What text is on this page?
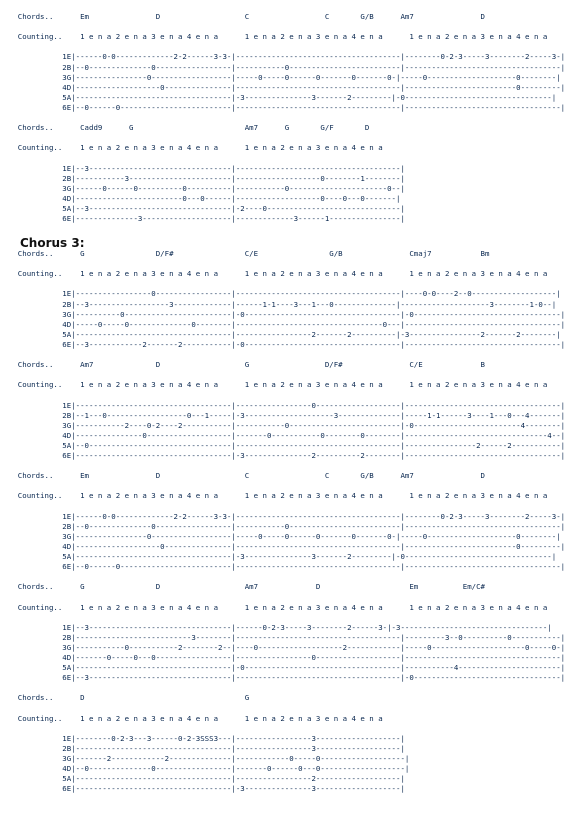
Chords..      Em               D                   C                 C       G/B      Am7               D
Counting..    1 e n a 2 e n a 3 e n a 4 e n a      1 e n a 2 e n a 3 e n a 4 e n a      1 e n a 2 e n a 3 e n a 4 e n a
1E|------0-0-------------2-2------3-3-|-------------------------------------|--------0-2-3-----3--------2-----3-|
2B|--0--------------0-----------------|-----------0-------------------------|-----------------------------------|
3G|----------------0------------------|-----0-----0------0-------0-------0-|-----0--------------------0--------|
4D|-------------------0---------------|-------------------------------------|-------------------------0---------|
5A|-----------------------------------|-3---------------3-------2---------|-0---------------------------------|
6E|--0------0-------------------------|-------------------------------------|-----------------------------------|
Chords..      Cadd9      G                         Am7      G       G/F       D
Counting..    1 e n a 2 e n a 3 e n a 4 e n a      1 e n a 2 e n a 3 e n a 4 e n a
1E|--3--------------------------------|-------------------------------------|
2B|-----------3-----------------------|-------------------0--------1--------|
3G|------0------0----------0----------|-----------0----------------------0--|
4D|------------------------0---0------|-------------------0----0---0-------|
5A|--3--------------------------------|-2----0------------------------------|
6E|--------------3--------------------|-------------3------1----------------|
Chords..      G                D/F#                C/E                G/B               Cmaj7           Bm
Counting..    1 e n a 2 e n a 3 e n a 4 e n a      1 e n a 2 e n a 3 e n a 4 e n a      1 e n a 2 e n a 3 e n a 4 e n a
1E|-----------------0-----------------|-------------------------------------|----0-0----2--0-------------------|
2B|--3------------------3-------------|------1-1----3---1---0--------------|--------------------3--------1-0--|
3G|----------0------------------------|-0-----------------------------------|-0---------------------------------|
4D|-----0-----0--------------0--------|---------------------------------0---|-----------------------------------|
5A|-----------------------------------|-----------------2-------2----------|-3----------------2-------2--------|
6E|--3------------2-------2-----------|-0-----------------------------------|-----------------------------------|
Chords..      Am7              D                   G                 D/F#               C/E             B
Counting..    1 e n a 2 e n a 3 e n a 4 e n a      1 e n a 2 e n a 3 e n a 4 e n a      1 e n a 2 e n a 3 e n a 4 e n a
1E|-----------------------------------|-----------------0-------------------|-----------------------------------|
2B|--1---0------------------0---1-----|-3--------------------3--------------|-----1-1------3----1---0---4-------|
3G|-----------2----0-2----2-----------|-----------0-------------------------|-0------------------------4--------|
4D|---------------0-------------------|-------0-----------0--------0--------|--------------------------------4--|
5A|--0--------------------------------|-------------------------------------|----------------2------2-----------|
6E|-----------------------------------|-3---------------2----------2--------|-----------------------------------|
Chords..      Em               D                   C                 C       G/B      Am7               D
Counting..    1 e n a 2 e n a 3 e n a 4 e n a      1 e n a 2 e n a 3 e n a 4 e n a      1 e n a 2 e n a 3 e n a 4 e n a
1E|------0-0-------------2-2------3-3-|-------------------------------------|--------0-2-3-----3--------2-----3-|
2B|--0--------------0-----------------|-----------0-------------------------|-----------------------------------|
3G|----------------0------------------|-----0-----0------0-------0-------0-|-----0--------------------0--------|
4D|-------------------0---------------|-------------------------------------|-------------------------0---------|
5A|-----------------------------------|-3---------------3-------2---------|-0---------------------------------|
6E|--0------0-------------------------|-------------------------------------|-----------------------------------|
Chords..      G                D                   Am7             D                    Em          Em/C#
Counting..    1 e n a 2 e n a 3 e n a 4 e n a      1 e n a 2 e n a 3 e n a 4 e n a      1 e n a 2 e n a 3 e n a 4 e n a
1E|--3--------------------------------|------0-2-3-----3--------2------3-|-3---------------------------------|
2B|--------------------------3--------|-------------------------------------|---------3--0----------0-----------|
3G|-----------0-----------2--------2--|----0-------------------2------------|-----0---------------------0-----0-|
4D|-------0-----0---0-----------------|-----------------0-------------------|-----------------------------------|
5A|-----------------------------------|-0-----------------------------------|-----------4-----------------------|
6E|--3--------------------------------|-------------------------------------|-0---------------------------------|
Chords..      D                                    G
Counting..    1 e n a 2 e n a 3 e n a 4 e n a      1 e n a 2 e n a 3 e n a 4 e n a
1E|--------0-2-3---3------0-2-3SSS3---|-----------------3-------------------|
2B|-----------------------------------|-----------------3-------------------|
3G|-------2------------2--------------|------------0-----0-------------------|
4D|--0--------------0-----------------|-------0------0---0-------------------|
5A|-----------------------------------|-----------------2-------------------|
6E|-----------------------------------|-3---------------3-------------------|
Chorus 3:
